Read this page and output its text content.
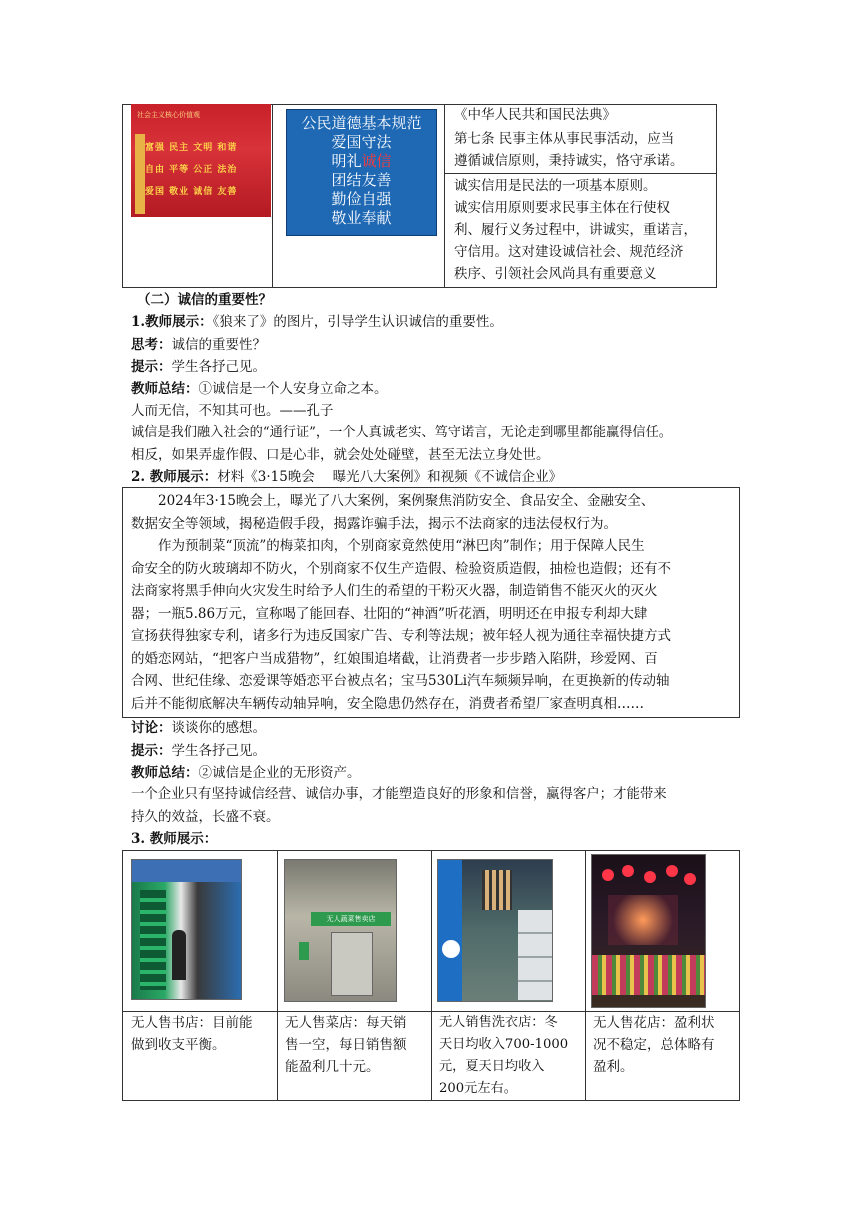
社会主义核心价值观
富强 民主 文明 和谐
自由 平等 公正 法治
爱国 敬业 诚信 友善
公民道德基本规范
爱国守法
明礼诚信
团结友善
勤俭自强
敬业奉献
《中华人民共和国民法典》
第七条 民事主体从事民事活动，应当
遵循诚信原则，秉持诚实，恪守承诺。
诚实信用是民法的一项基本原则。
诚实信用原则要求民事主体在行使权
利、履行义务过程中，讲诚实，重诺言，
守信用。这对建设诚信社会、规范经济
秩序、引领社会风尚具有重要意义
（二）诚信的重要性？
1.教师展示：《狼来了》的图片，引导学生认识诚信的重要性。
思考：诚信的重要性？
提示：学生各抒己见。
教师总结：①诚信是一个人安身立命之本。
人而无信，不知其可也。——孔子
诚信是我们融入社会的“通行证”，一个人真诚老实、笃守诺言，无论走到哪里都能赢得信任。
相反，如果弄虚作假、口是心非，就会处处碰壁，甚至无法立身处世。
2. 教师展示：材料《3·15晚会　 曝光八大案例》和视频《不诚信企业》
　　2024年3·15晚会上，曝光了八大案例，案例聚焦消防安全、食品安全、金融安全、
数据安全等领域，揭秘造假手段，揭露诈骗手法，揭示不法商家的违法侵权行为。
　　作为预制菜“顶流”的梅菜扣肉，个别商家竟然使用“淋巴肉”制作；用于保障人民生
命安全的防火玻璃却不防火，个别商家不仅生产造假、检验资质造假，抽检也造假；还有不
法商家将黑手伸向火灾发生时给予人们生的希望的干粉灭火器，制造销售不能灭火的灭火
器；一瓶5.86万元，宣称喝了能回春、壮阳的“神酒”听花酒，明明还在申报专利却大肆
宣扬获得独家专利，诸多行为违反国家广告、专利等法规；被年轻人视为通往幸福快捷方式
的婚恋网站，“把客户当成猎物”，红娘围追堵截，让消费者一步步踏入陷阱，珍爱网、百
合网、世纪佳缘、恋爱课等婚恋平台被点名；宝马530Li汽车频频异响，在更换新的传动轴
后并不能彻底解决车辆传动轴异响，安全隐患仍然存在，消费者希望厂家查明真相……
讨论：谈谈你的感想。
提示：学生各抒己见。
教师总结：②诚信是企业的无形资产。
一个企业只有坚持诚信经营、诚信办事，才能塑造良好的形象和信誉，赢得客户；才能带来
持久的效益，长盛不衰。
3. 教师展示：
无人蔬菜售卖店
无人售书店：目前能
做到收支平衡。
无人售菜店：每天销
售一空，每日销售额
能盈利几十元。
无人销售洗衣店：冬
天日均收入700-1000
元，夏天日均收入
200元左右。
无人售花店：盈利状
况不稳定，总体略有
盈利。
